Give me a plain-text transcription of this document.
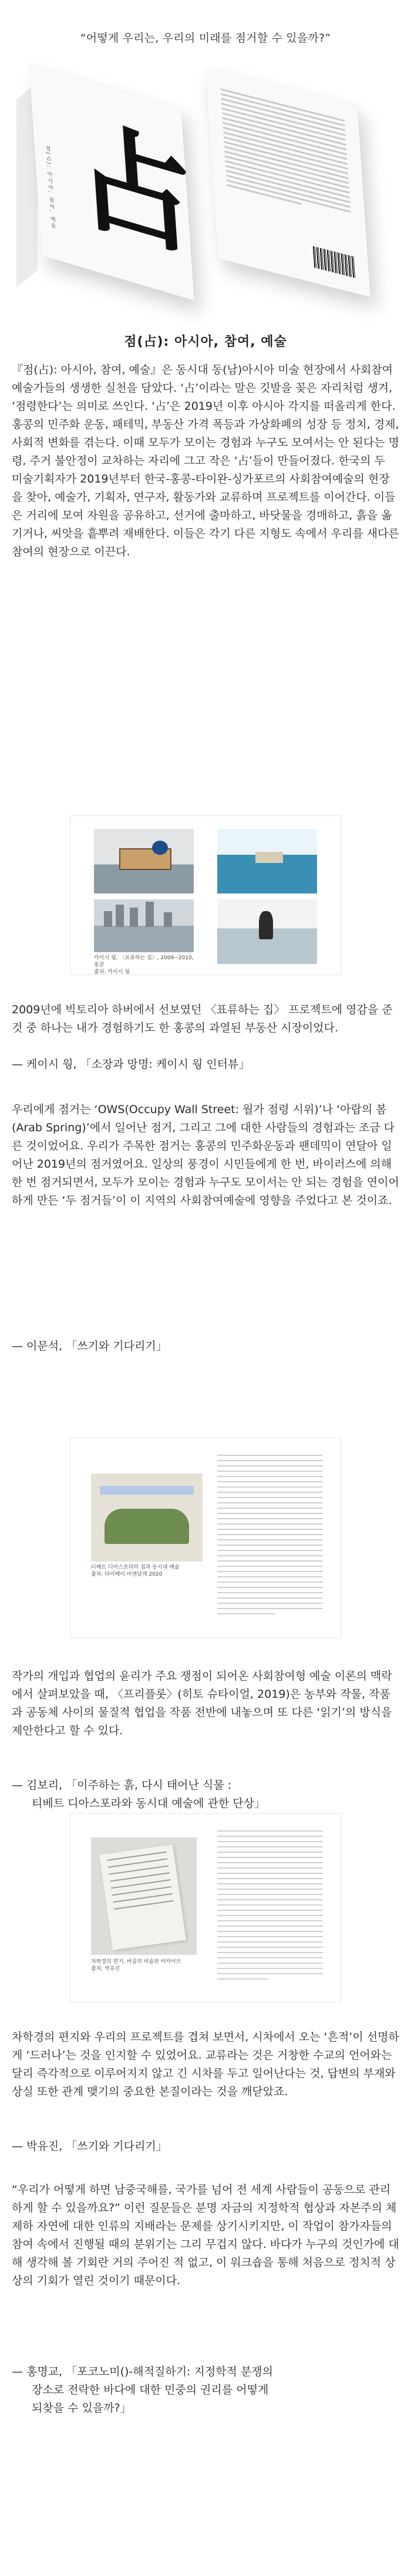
“어떻게 우리는, 우리의 미래를 점거할 수 있을까?”
점(占): 아시아, 참여, 예술 占
점(占): 아시아, 참여, 예술
『점(占): 아시아, 참여, 예술』은 동시대 동(남)아시아 미술 현장에서 사회참여예술가들의 생생한 실천을 담았다. ‘占’이라는 말은 깃발을 꽂은 자리처럼 생겨, ‘점령한다’는 의미로 쓰인다. ‘占’은 2019년 이후 아시아 각지를 떠올리게 한다. 홍콩의 민주화 운동, 패테믹, 부동산 가격 폭등과 가상화폐의 성장 등 정치, 경제, 사회적 변화를 겪는다. 이때 모두가 모이는 경험과 누구도 모여서는 안 된다는 명령, 주거 불안정이 교차하는 자리에 그고 작은 ‘占’들이 만들어졌다. 한국의 두 미술기획자가 2019년부터 한국-홍콩-타이완-싱가포르의 사회참여예술의 현장을 찾아, 예술가, 기획자, 연구자, 활동가와 교류하며 프로젝트를 이어간다. 이들은 거리에 모여 자원을 공유하고, 선거에 출마하고, 바닷물을 경매하고, 흙을 옮기거나, 씨앗을 흩뿌려 재배한다. 이들은 각기 다른 지형도 속에서 우리를 새다른 참여의 현장으로 이끈다.
카이시 웡, 〈표류하는 집〉, 2009~2010, 홍콩
출처: 카이시 웡
2009년에 빅토리아 하버에서 선보였던 〈표류하는 집〉 프로젝트에 영감을 준 것 중 하나는 내가 경험하기도 한 홍콩의 과열된 부동산 시장이었다.
— 케이시 웡, 「소장과 망명: 케이시 웡 인터뷰」
우리에게 점거는 ‘OWS(Occupy Wall Street: 월가 점령 시위)’나 ‘아랍의 봄(Arab Spring)’에서 일어난 점거, 그리고 그에 대한 사람들의 경험과는 조금 다른 것이었어요. 우리가 주목한 점거는 홍콩의 민주화운동과 팬데믹이 연달아 일어난 2019년의 점거였어요. 일상의 풍경이 시민들에게 한 번, 바이러스에 의해 한 번 점거되면서, 모두가 모이는 경험과 누구도 모이서는 안 되는 경험을 연이어 하게 만든 ‘두 점거들’이 이 지역의 사회참여예술에 영향을 주었다고 본 것이죠.
— 이문석, 「쓰기와 기다리기」
티베트 디아스포라의 집과 동시대 예술
출처: 타이베이 비엔날레 2020
작가의 개입과 협업의 윤리가 주요 쟁점이 되어온 사회참여형 예술 이론의 맥락에서 살펴보았을 때, 〈프리플롯〉(히토 슈타이얼, 2019)은 농부와 작물, 작품과 공동체 사이의 물질적 협업을 작품 전반에 내놓으며 또 다른 ‘읽기’의 방식을 제안한다고 할 수 있다.
— 김보리, 「이주하는 흙, 다시 태어난 식물 :
티베트 디아스포라와 동시대 예술에 관한 단상」
차학경의 편지, 버클리 미술관 아카이브
출처: 박유진
차학경의 편지와 우리의 프로젝트를 겹쳐 보면서, 시차에서 오는 ‘흔적’이 선명하게 ‘드러나’는 것을 인지할 수 있었어요. 교류라는 것은 거창한 수교의 언어와는 달리 즉각적으로 이루어지지 않고 긴 시차를 두고 일어난다는 것, 답변의 부재와 상실 또한 관계 맺기의 중요한 본질이라는 것을 깨닫았죠.
— 박유진, 「쓰기와 기다리기」
“우리가 어떻게 하면 남중국해를, 국가를 넘어 전 세계 사람들이 공동으로 관리하게 할 수 있을까요?” 이런 질문들은 분명 자금의 지정학적 협상과 자본주의 체제하 자연에 대한 인류의 지배라는 문제를 상기시키지만, 이 작업이 참가자들의 참여 속에서 진행될 때의 분위기는 그리 무겁지 않다. 바다가 누구의 것인가에 대해 생각해 볼 기회란 거의 주어진 적 없고, 이 워크숍을 통해 처음으로 정치적 상상의 기회가 열린 것이기 때문이다.
— 홍명교, 「포코노미()-해적질하기: 지정학적 분쟁의
장소로 전락한 바다에 대한 민중의 권리를 어떻게
되찾을 수 있을까?」
